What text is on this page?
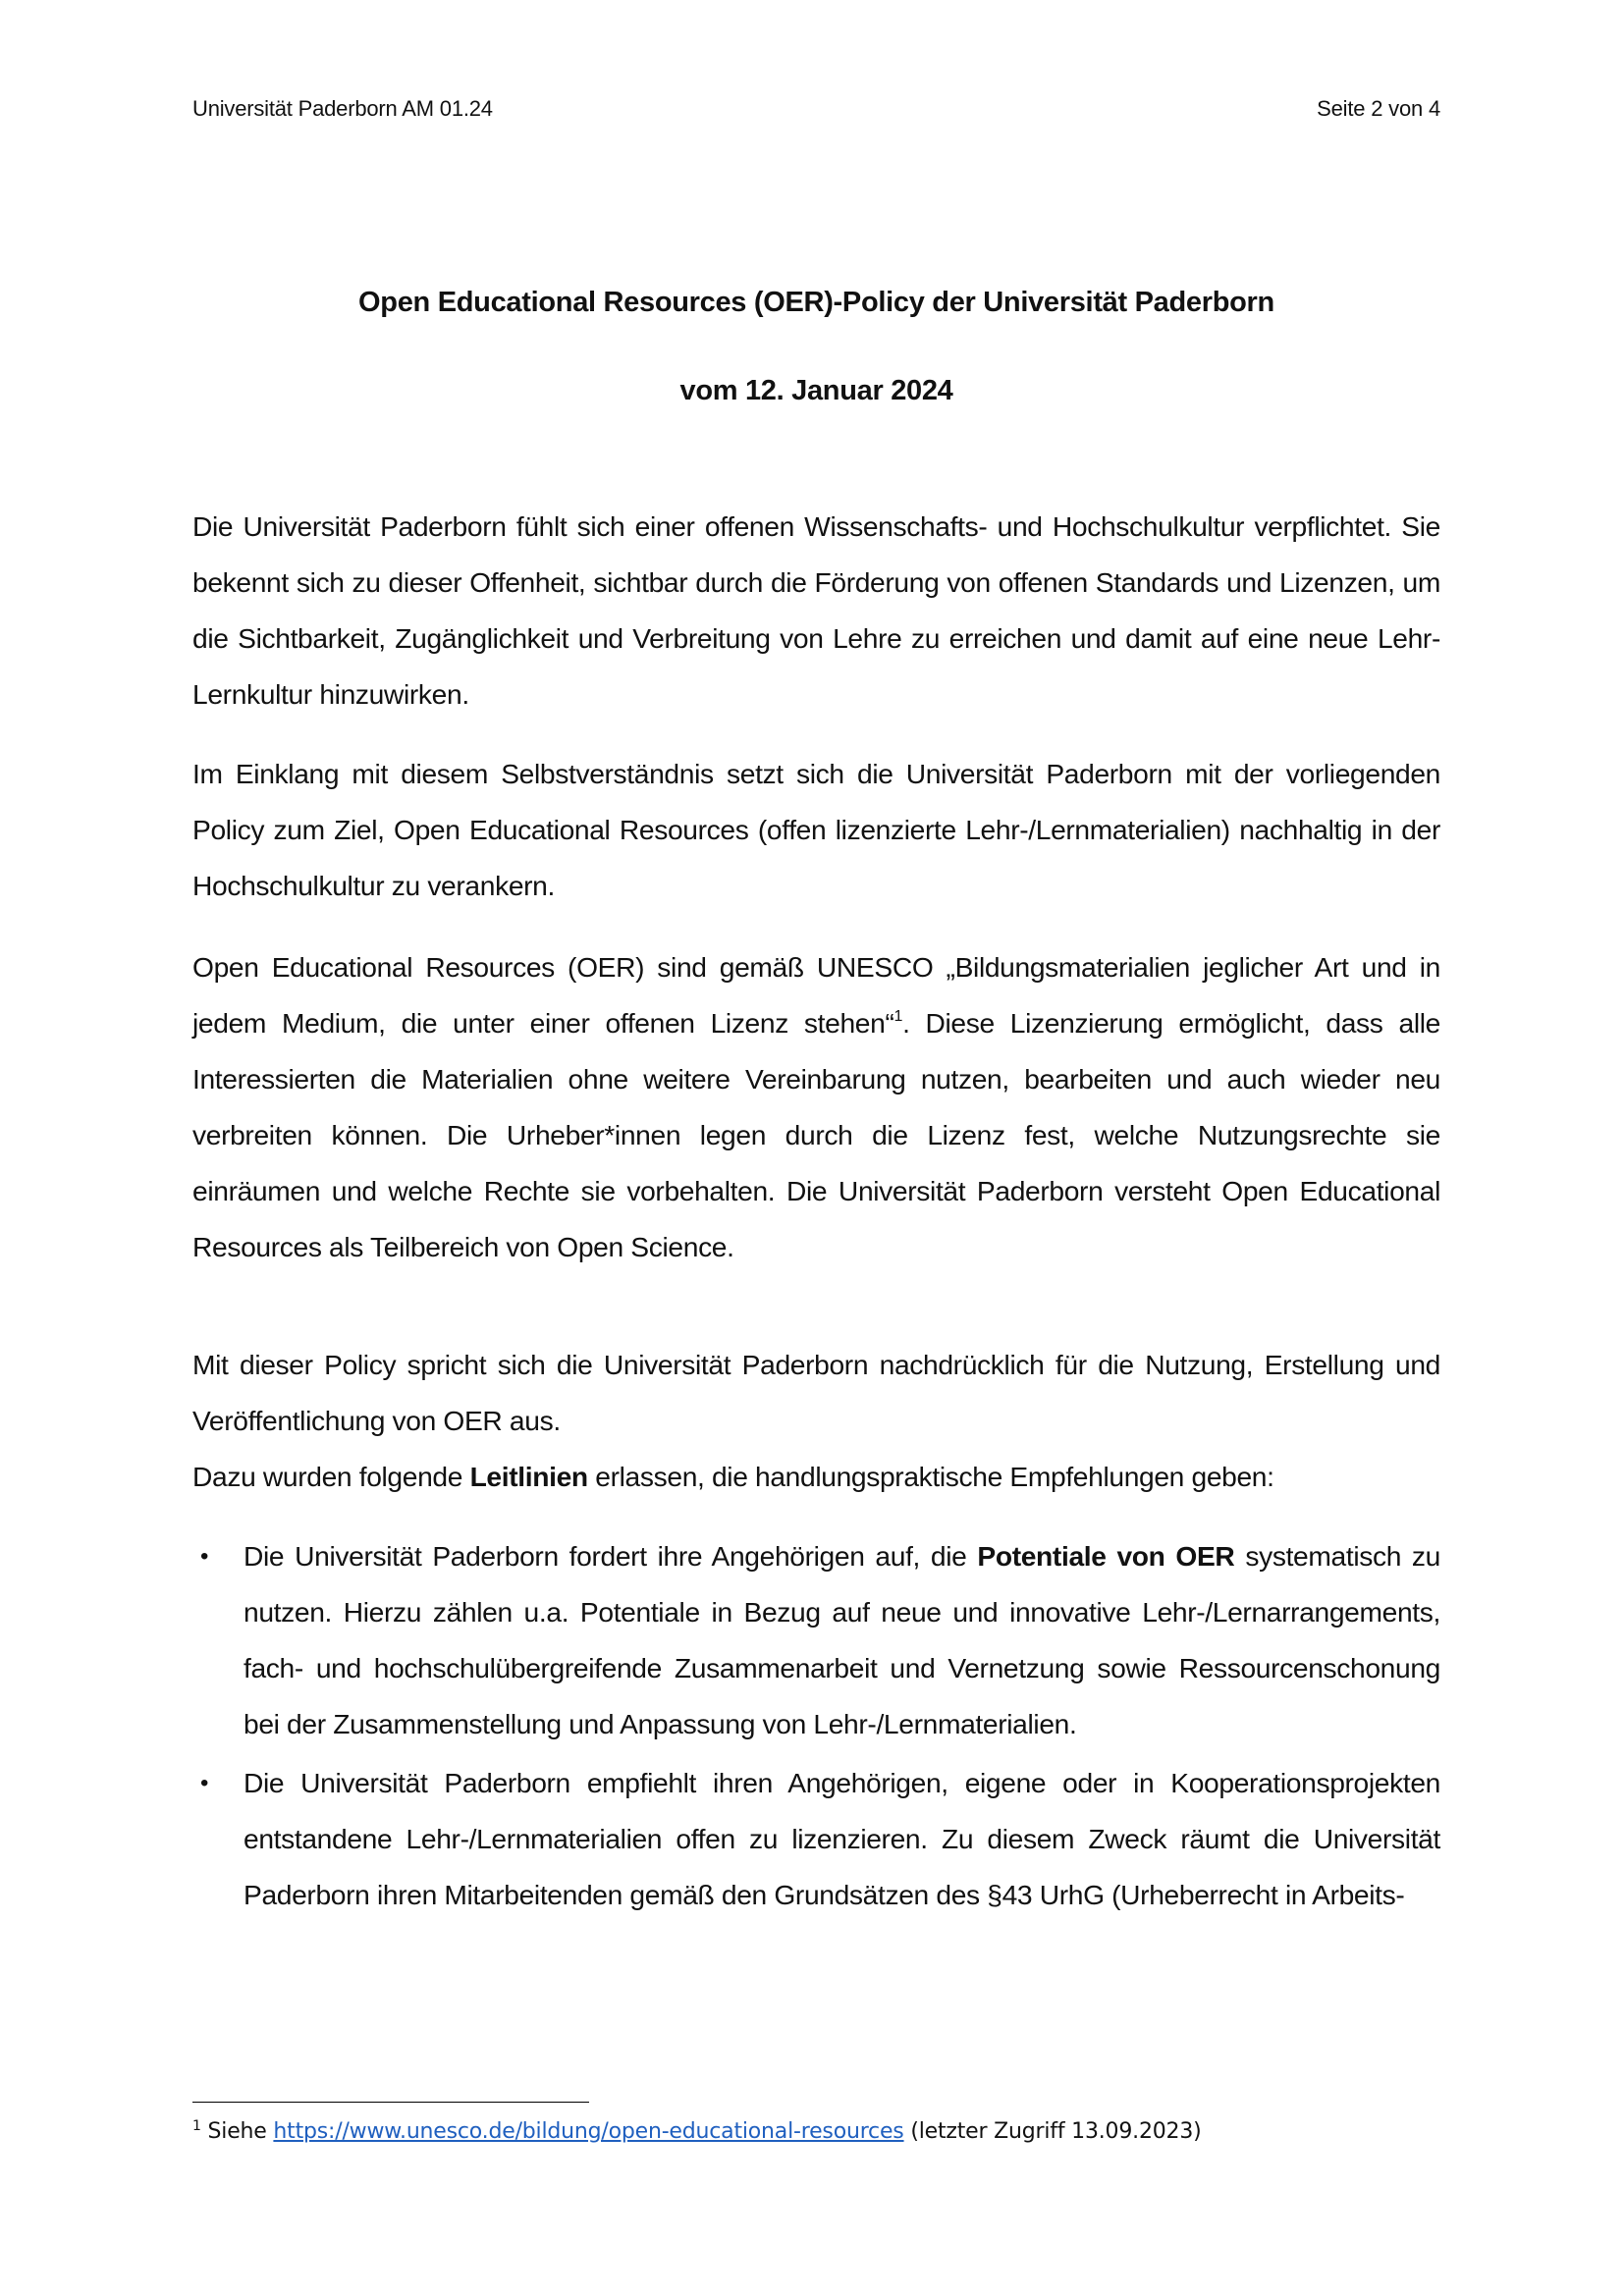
Universität Paderborn AM 01.24	Seite 2 von 4
Open Educational Resources (OER)-Policy der Universität Paderborn
vom 12. Januar 2024

Die Universität Paderborn fühlt sich einer offenen Wissenschafts- und Hochschulkultur verpflichtet. Sie bekennt sich zu dieser Offenheit, sichtbar durch die Förderung von offenen Standards und Lizenzen, um die Sichtbarkeit, Zugänglichkeit und Verbreitung von Lehre zu erreichen und damit auf eine neue Lehr-Lernkultur hinzuwirken.

Im Einklang mit diesem Selbstverständnis setzt sich die Universität Paderborn mit der vorliegenden Policy zum Ziel, Open Educational Resources (offen lizenzierte Lehr-/Lernmaterialien) nachhaltig in der Hochschulkultur zu verankern.

Open Educational Resources (OER) sind gemäß UNESCO „Bildungsmaterialien jeglicher Art und in jedem Medium, die unter einer offenen Lizenz stehen“$^1$. Diese Lizenzierung ermöglicht, dass alle Interessierten die Materialien ohne weitere Vereinbarung nutzen, bearbeiten und auch wieder neu verbreiten können. Die Urheber*innen legen durch die Lizenz fest, welche Nutzungsrechte sie einräumen und welche Rechte sie vorbehalten. Die Universität Paderborn versteht Open Educational Resources als Teilbereich von Open Science.

Mit dieser Policy spricht sich die Universität Paderborn nachdrücklich für die Nutzung, Erstellung und Veröffentlichung von OER aus.

Dazu wurden folgende Leitlinien erlassen, die handlungspraktische Empfehlungen geben:

• Die Universität Paderborn fordert ihre Angehörigen auf, die Potentiale von OER systematisch zu nutzen. Hierzu zählen u.a. Potentiale in Bezug auf neue und innovative Lehr-/Lernarrangements, fach- und hochschulübergreifende Zusammenarbeit und Vernetzung sowie Ressourcenschonung bei der Zusammenstellung und Anpassung von Lehr-/Lernmaterialien.
• Die Universität Paderborn empfiehlt ihren Angehörigen, eigene oder in Kooperationsprojekten entstandene Lehr-/Lernmaterialien offen zu lizenzieren. Zu diesem Zweck räumt die Universität Paderborn ihren Mitarbeitenden gemäß den Grundsätzen des §43 UrhG (Urheberrecht in Arbeits-
$^1$ Siehe https://www.unesco.de/bildung/open-educational-resources (letzter Zugriff 13.09.2023)
